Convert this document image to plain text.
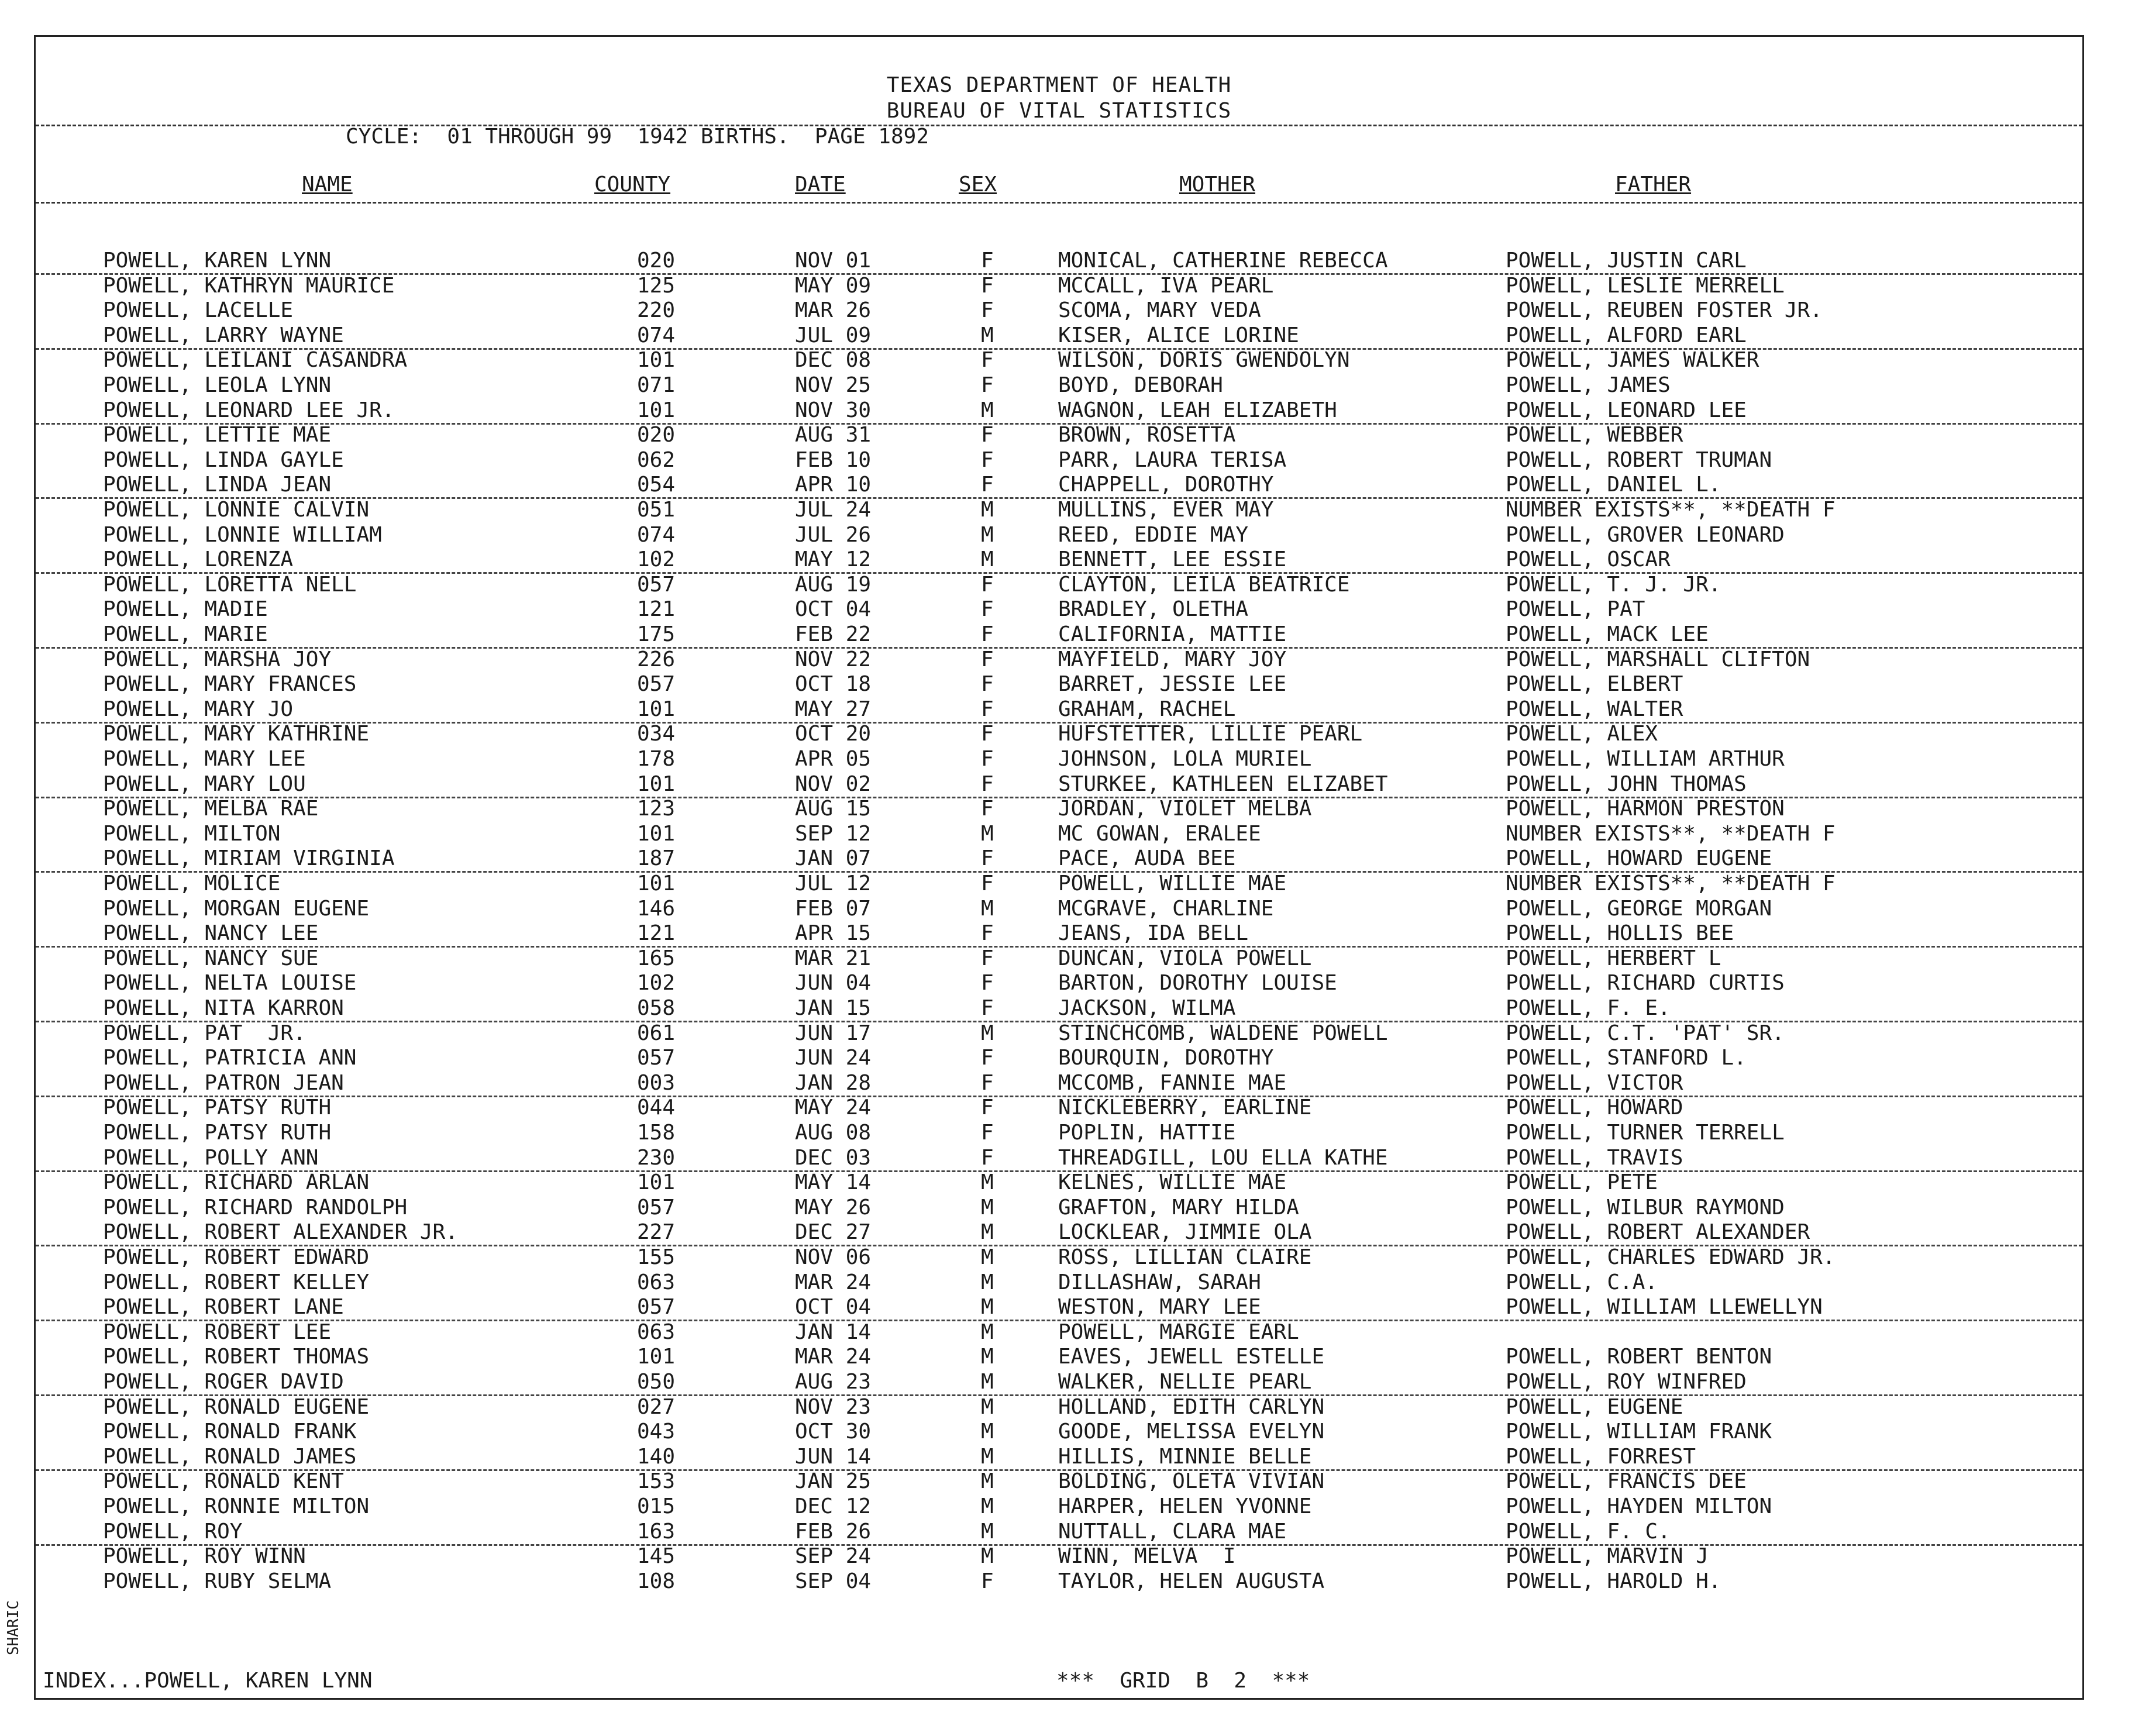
TEXAS DEPARTMENT OF HEALTH
BUREAU OF VITAL STATISTICS
CYCLE:  01 THROUGH 99  1942 BIRTHS.  PAGE 1892
NAME	COUNTY	DATE	SEX	MOTHER	FATHER
POWELL, KAREN LYNN	020	NOV 01	F	MONICAL, CATHERINE REBECCA	POWELL, JUSTIN CARL
POWELL, KATHRYN MAURICE	125	MAY 09	F	MCCALL, IVA PEARL	POWELL, LESLIE MERRELL
POWELL, LACELLE	220	MAR 26	F	SCOMA, MARY VEDA	POWELL, REUBEN FOSTER JR.
POWELL, LARRY WAYNE	074	JUL 09	M	KISER, ALICE LORINE	POWELL, ALFORD EARL
POWELL, LEILANI CASANDRA	101	DEC 08	F	WILSON, DORIS GWENDOLYN	POWELL, JAMES WALKER
POWELL, LEOLA LYNN	071	NOV 25	F	BOYD, DEBORAH	POWELL, JAMES
POWELL, LEONARD LEE JR.	101	NOV 30	M	WAGNON, LEAH ELIZABETH	POWELL, LEONARD LEE
POWELL, LETTIE MAE	020	AUG 31	F	BROWN, ROSETTA	POWELL, WEBBER
POWELL, LINDA GAYLE	062	FEB 10	F	PARR, LAURA TERISA	POWELL, ROBERT TRUMAN
POWELL, LINDA JEAN	054	APR 10	F	CHAPPELL, DOROTHY	POWELL, DANIEL L.
POWELL, LONNIE CALVIN	051	JUL 24	M	MULLINS, EVER MAY	NUMBER EXISTS**, **DEATH F
POWELL, LONNIE WILLIAM	074	JUL 26	M	REED, EDDIE MAY	POWELL, GROVER LEONARD
POWELL, LORENZA	102	MAY 12	M	BENNETT, LEE ESSIE	POWELL, OSCAR
POWELL, LORETTA NELL	057	AUG 19	F	CLAYTON, LEILA BEATRICE	POWELL, T. J. JR.
POWELL, MADIE	121	OCT 04	F	BRADLEY, OLETHA	POWELL, PAT
POWELL, MARIE	175	FEB 22	F	CALIFORNIA, MATTIE	POWELL, MACK LEE
POWELL, MARSHA JOY	226	NOV 22	F	MAYFIELD, MARY JOY	POWELL, MARSHALL CLIFTON
POWELL, MARY FRANCES	057	OCT 18	F	BARRET, JESSIE LEE	POWELL, ELBERT
POWELL, MARY JO	101	MAY 27	F	GRAHAM, RACHEL	POWELL, WALTER
POWELL, MARY KATHRINE	034	OCT 20	F	HUFSTETTER, LILLIE PEARL	POWELL, ALEX
POWELL, MARY LEE	178	APR 05	F	JOHNSON, LOLA MURIEL	POWELL, WILLIAM ARTHUR
POWELL, MARY LOU	101	NOV 02	F	STURKEE, KATHLEEN ELIZABET	POWELL, JOHN THOMAS
POWELL, MELBA RAE	123	AUG 15	F	JORDAN, VIOLET MELBA	POWELL, HARMON PRESTON
POWELL, MILTON	101	SEP 12	M	MC GOWAN, ERALEE	NUMBER EXISTS**, **DEATH F
POWELL, MIRIAM VIRGINIA	187	JAN 07	F	PACE, AUDA BEE	POWELL, HOWARD EUGENE
POWELL, MOLICE	101	JUL 12	F	POWELL, WILLIE MAE	NUMBER EXISTS**, **DEATH F
POWELL, MORGAN EUGENE	146	FEB 07	M	MCGRAVE, CHARLINE	POWELL, GEORGE MORGAN
POWELL, NANCY LEE	121	APR 15	F	JEANS, IDA BELL	POWELL, HOLLIS BEE
POWELL, NANCY SUE	165	MAR 21	F	DUNCAN, VIOLA POWELL	POWELL, HERBERT L
POWELL, NELTA LOUISE	102	JUN 04	F	BARTON, DOROTHY LOUISE	POWELL, RICHARD CURTIS
POWELL, NITA KARRON	058	JAN 15	F	JACKSON, WILMA	POWELL, F. E.
POWELL, PAT  JR.	061	JUN 17	M	STINCHCOMB, WALDENE POWELL	POWELL, C.T. 'PAT' SR.
POWELL, PATRICIA ANN	057	JUN 24	F	BOURQUIN, DOROTHY	POWELL, STANFORD L.
POWELL, PATRON JEAN	003	JAN 28	F	MCCOMB, FANNIE MAE	POWELL, VICTOR
POWELL, PATSY RUTH	044	MAY 24	F	NICKLEBERRY, EARLINE	POWELL, HOWARD
POWELL, PATSY RUTH	158	AUG 08	F	POPLIN, HATTIE	POWELL, TURNER TERRELL
POWELL, POLLY ANN	230	DEC 03	F	THREADGILL, LOU ELLA KATHE	POWELL, TRAVIS
POWELL, RICHARD ARLAN	101	MAY 14	M	KELNES, WILLIE MAE	POWELL, PETE
POWELL, RICHARD RANDOLPH	057	MAY 26	M	GRAFTON, MARY HILDA	POWELL, WILBUR RAYMOND
POWELL, ROBERT ALEXANDER JR.	227	DEC 27	M	LOCKLEAR, JIMMIE OLA	POWELL, ROBERT ALEXANDER
POWELL, ROBERT EDWARD	155	NOV 06	M	ROSS, LILLIAN CLAIRE	POWELL, CHARLES EDWARD JR.
POWELL, ROBERT KELLEY	063	MAR 24	M	DILLASHAW, SARAH	POWELL, C.A.
POWELL, ROBERT LANE	057	OCT 04	M	WESTON, MARY LEE	POWELL, WILLIAM LLEWELLYN
POWELL, ROBERT LEE	063	JAN 14	M	POWELL, MARGIE EARL
POWELL, ROBERT THOMAS	101	MAR 24	M	EAVES, JEWELL ESTELLE	POWELL, ROBERT BENTON
POWELL, ROGER DAVID	050	AUG 23	M	WALKER, NELLIE PEARL	POWELL, ROY WINFRED
POWELL, RONALD EUGENE	027	NOV 23	M	HOLLAND, EDITH CARLYN	POWELL, EUGENE
POWELL, RONALD FRANK	043	OCT 30	M	GOODE, MELISSA EVELYN	POWELL, WILLIAM FRANK
POWELL, RONALD JAMES	140	JUN 14	M	HILLIS, MINNIE BELLE	POWELL, FORREST
POWELL, RONALD KENT	153	JAN 25	M	BOLDING, OLETA VIVIAN	POWELL, FRANCIS DEE
POWELL, RONNIE MILTON	015	DEC 12	M	HARPER, HELEN YVONNE	POWELL, HAYDEN MILTON
POWELL, ROY	163	FEB 26	M	NUTTALL, CLARA MAE	POWELL, F. C.
POWELL, ROY WINN	145	SEP 24	M	WINN, MELVA  I	POWELL, MARVIN J
POWELL, RUBY SELMA	108	SEP 04	F	TAYLOR, HELEN AUGUSTA	POWELL, HAROLD H.
INDEX...POWELL, KAREN LYNN	***  GRID  B  2  ***
SHARIC
